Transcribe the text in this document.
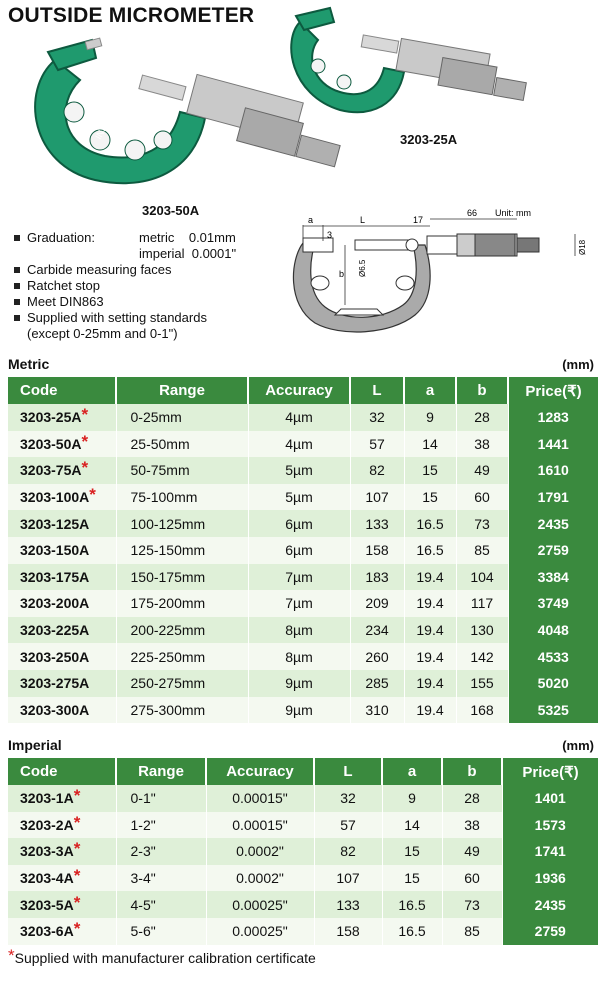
OUTSIDE MICROMETER
INSIZE
3203-50A
3203-25A
Graduation:	metric    0.01mm
imperial  0.0001"
Carbide measuring faces
Ratchet stop
Meet DIN863
Supplied with setting standards
(except 0-25mm and 0-1")
Unit: mm
a	L	17
66
3
b Ø6.5
Ø18
Metric	(mm)
Code	Range	Accuracy	L	a	b	Price(₹)
3203-25A*	0-25mm	4µm	32	9	28	1283
3203-50A*	25-50mm	4µm	57	14	38	1441
3203-75A*	50-75mm	5µm	82	15	49	1610
3203-100A*	75-100mm	5µm	107	15	60	1791
3203-125A	100-125mm	6µm	133	16.5	73	2435
3203-150A	125-150mm	6µm	158	16.5	85	2759
3203-175A	150-175mm	7µm	183	19.4	104	3384
3203-200A	175-200mm	7µm	209	19.4	117	3749
3203-225A	200-225mm	8µm	234	19.4	130	4048
3203-250A	225-250mm	8µm	260	19.4	142	4533
3203-275A	250-275mm	9µm	285	19.4	155	5020
3203-300A	275-300mm	9µm	310	19.4	168	5325
Imperial	(mm)
Code	Range	Accuracy	L	a	b	Price(₹)
3203-1A*	0-1"	0.00015"	32	9	28	1401
3203-2A*	1-2"	0.00015"	57	14	38	1573
3203-3A*	2-3"	0.0002"	82	15	49	1741
3203-4A*	3-4"	0.0002"	107	15	60	1936
3203-5A*	4-5"	0.00025"	133	16.5	73	2435
3203-6A*	5-6"	0.00025"	158	16.5	85	2759
*Supplied with manufacturer calibration certificate
